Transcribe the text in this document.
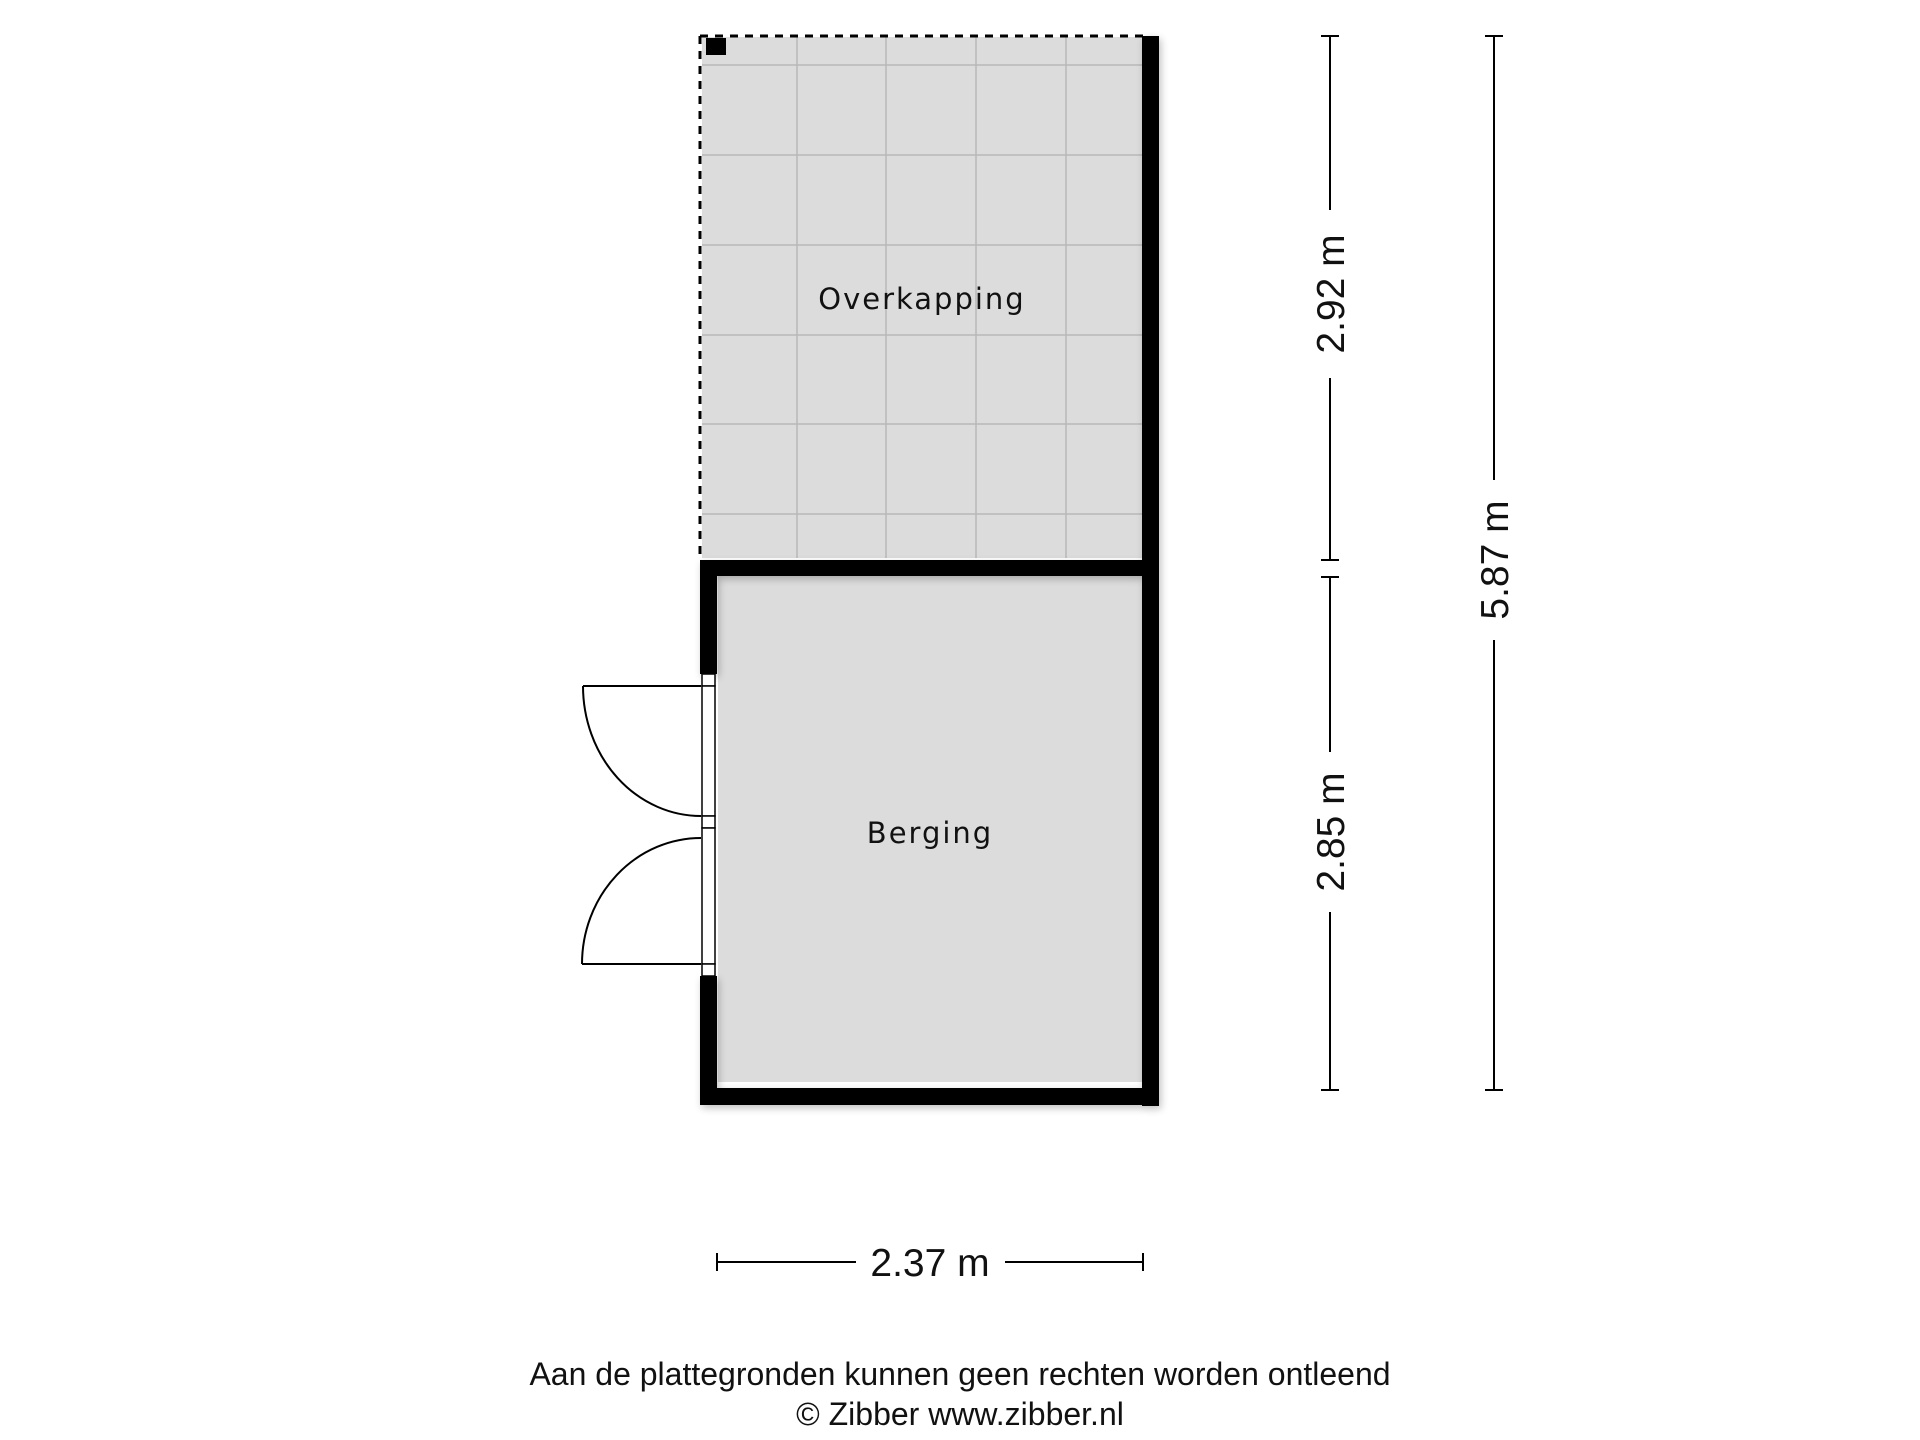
Overkapping
Berging
2.37 m
2.92 m
2.85 m
5.87 m
Aan de plattegronden kunnen geen rechten worden ontleend
© Zibber www.zibber.nl
